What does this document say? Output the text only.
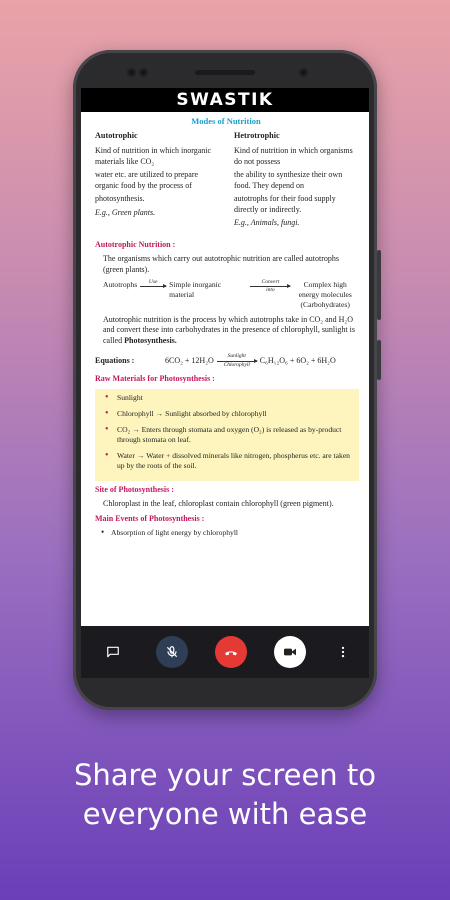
SWASTIK
Modes of Nutrition
Autotrophic

Kind of nutrition in which inorganic materials like CO₂

water etc. are utilized to prepare organic food by the process of

photosynthesis.

E.g., Green plants.

Hetrotrophic

Kind of nutrition in which organisms do not possess

the ability to synthesize their own food. They depend on

autotrophs for their food supply directly or indirectly.

E.g., Animals, fungi.

Autotrophic Nutrition :

The organisms which carry out autotrophic nutrition are called autotrophs (green plants).

Autotrophs Use Simple inorganic material
Convert
into
Complex high energy molecules (Carbohydrates)

Autotrophic nutrition is the process by which autotrophs take in CO₂ and H₂O and convert these into carbohydrates in the presence of chlorophyll, sunlight is called Photosynthesis.

Equations :	6CO₂ + 12H₂O	Sunlight
Chlorophyll C₆H₁₂O₆ + 6O₂ + 6H₂O
Raw Materials for Photosynthesis :
• Sunlight
• Chlorophyll → Sunlight absorbed by chlorophyll
• CO₂ → Enters through stomata and oxygen (O₂) is released as by-product through stomata on leaf.
• Water → Water + dissolved minerals like nitrogen, phospherus etc. are taken up by the roots of the soil.
Site of Photosynthesis :

Chloroplast in the leaf, chloroplast contain chlorophyll (green pigment).

Main Events of Photosynthesis :
• Absorption of light energy by chlorophyll
Share your screen to
everyone with ease
